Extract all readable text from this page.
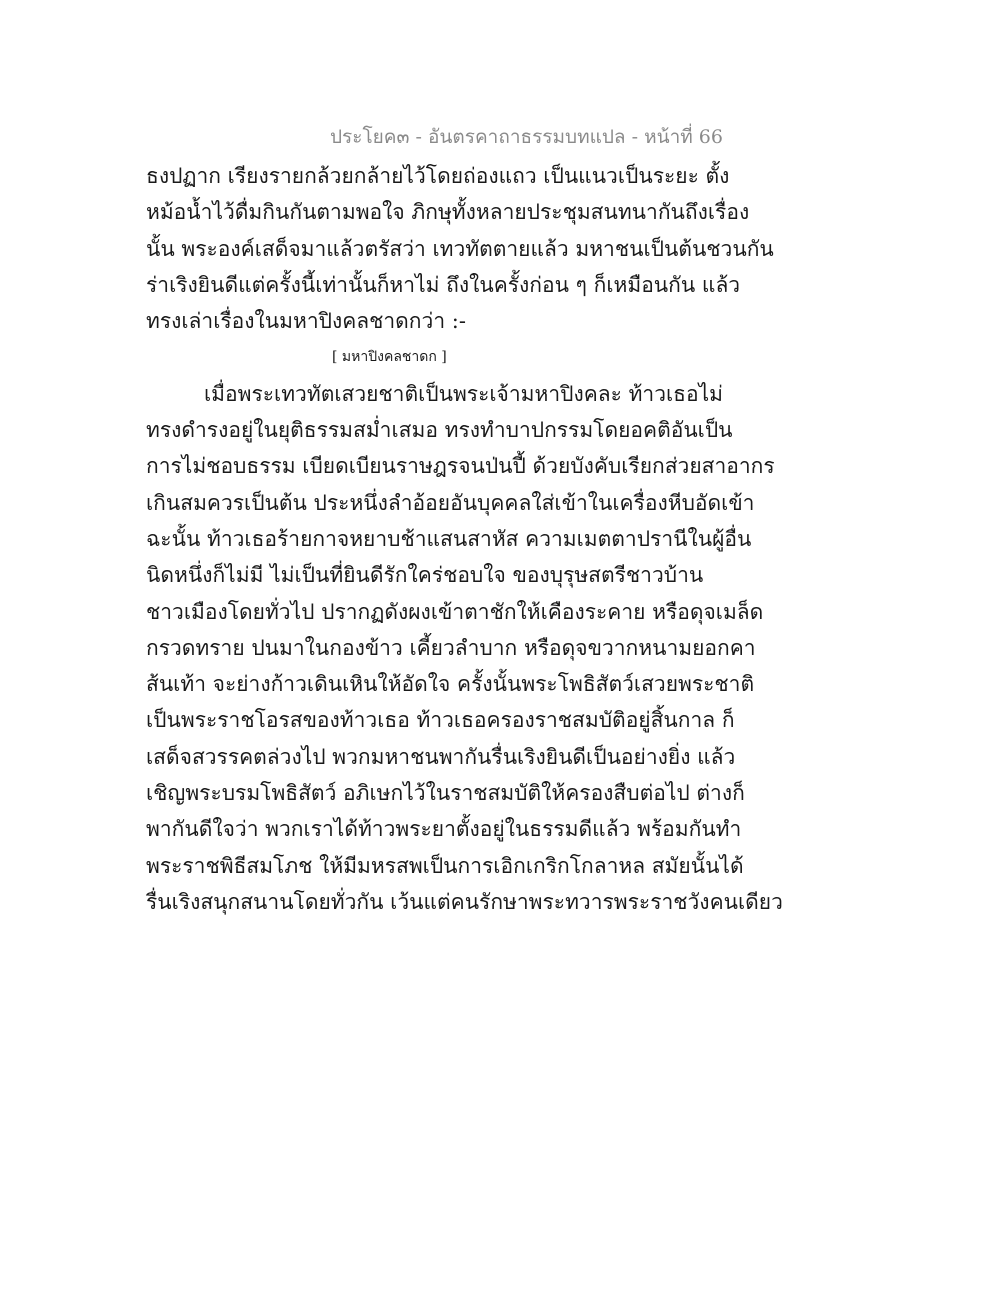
ประโยค๓ - อันตรคาถาธรรมบทแปล - หน้าที่ 66
ธงปฏาก เรียงรายกล้วยกล้ายไว้โดยถ่องแถว เป็นแนวเป็นระยะ ตั้ง
หม้อน้ำไว้ดื่มกินกันตามพอใจ ภิกษุทั้งหลายประชุมสนทนากันถึงเรื่อง
นั้น พระองค์เสด็จมาแล้วตรัสว่า เทวทัตตายแล้ว มหาชนเป็นต้นชวนกัน
ร่าเริงยินดีแต่ครั้งนี้เท่านั้นก็หาไม่ ถึงในครั้งก่อน ๆ ก็เหมือนกัน แล้ว
ทรงเล่าเรื่องในมหาปิงคลชาดกว่า :-
[ มหาปิงคลชาดก ]
เมื่อพระเทวทัตเสวยชาติเป็นพระเจ้ามหาปิงคละ ท้าวเธอไม่
ทรงดำรงอยู่ในยุติธรรมสม่ำเสมอ ทรงทำบาปกรรมโดยอคติอันเป็น
การไม่ชอบธรรม เบียดเบียนราษฎรจนป่นปี้ ด้วยบังคับเรียกส่วยสาอากร
เกินสมควรเป็นต้น ประหนึ่งลำอ้อยอันบุคคลใส่เข้าในเครื่องหีบอัดเข้า
ฉะนั้น ท้าวเธอร้ายกาจหยาบช้าแสนสาหัส ความเมตตาปรานีในผู้อื่น
นิดหนึ่งก็ไม่มี ไม่เป็นที่ยินดีรักใคร่ชอบใจ ของบุรุษสตรีชาวบ้าน
ชาวเมืองโดยทั่วไป ปรากฏดังผงเข้าตาชักให้เคืองระคาย หรือดุจเมล็ด
กรวดทราย ปนมาในกองข้าว เคี้ยวลำบาก หรือดุจขวากหนามยอกคา
ส้นเท้า จะย่างก้าวเดินเหินให้อัดใจ ครั้งนั้นพระโพธิสัตว์เสวยพระชาติ
เป็นพระราชโอรสของท้าวเธอ ท้าวเธอครองราชสมบัติอยู่สิ้นกาล ก็
เสด็จสวรรคตล่วงไป พวกมหาชนพากันรื่นเริงยินดีเป็นอย่างยิ่ง แล้ว
เชิญพระบรมโพธิสัตว์ อภิเษกไว้ในราชสมบัติให้ครองสืบต่อไป ต่างก็
พากันดีใจว่า พวกเราได้ท้าวพระยาตั้งอยู่ในธรรมดีแล้ว พร้อมกันทำ
พระราชพิธีสมโภช ให้มีมหรสพเป็นการเอิกเกริกโกลาหล สมัยนั้นได้
รื่นเริงสนุกสนานโดยทั่วกัน เว้นแต่คนรักษาพระทวารพระราชวังคนเดียว
